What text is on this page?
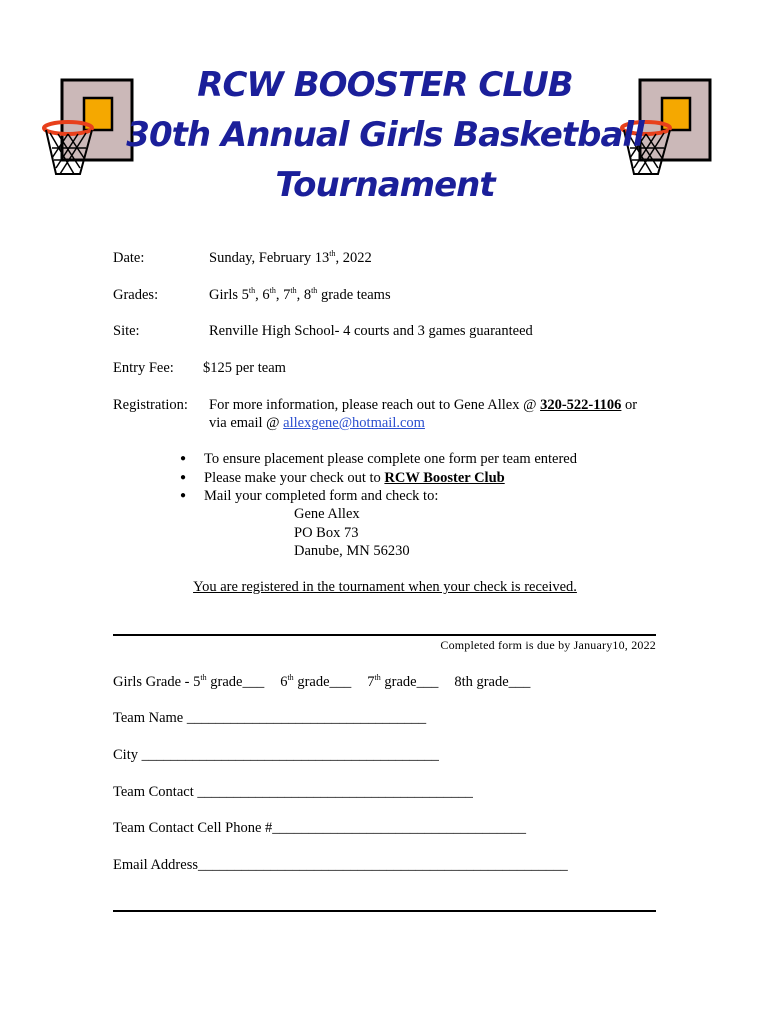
RCW BOOSTER CLUB
30th Annual Girls Basketball
Tournament
Date:	Sunday, February 13th, 2022
Grades:	Girls 5th, 6th, 7th, 8th grade teams
Site:	Renville High School- 4 courts and 3 games guaranteed
Entry Fee: $125 per team
Registration: For more information, please reach out to Gene Allex @ 320-522-1106 or
via email @ allexgene@hotmail.com
● To ensure placement please complete one form per team entered
● Please make your check out to RCW Booster Club
● Mail your completed form and check to:
Gene Allex
PO Box 73
Danube, MN 56230
You are registered in the tournament when your check is received.
Completed form is due by January10, 2022
Girls Grade - 5th grade___ 6th grade___ 7th grade___ 8th grade___
Team Name _________________________________
City _________________________________________
Team Contact ______________________________________
Team Contact Cell Phone #___________________________________
Email Address___________________________________________________
